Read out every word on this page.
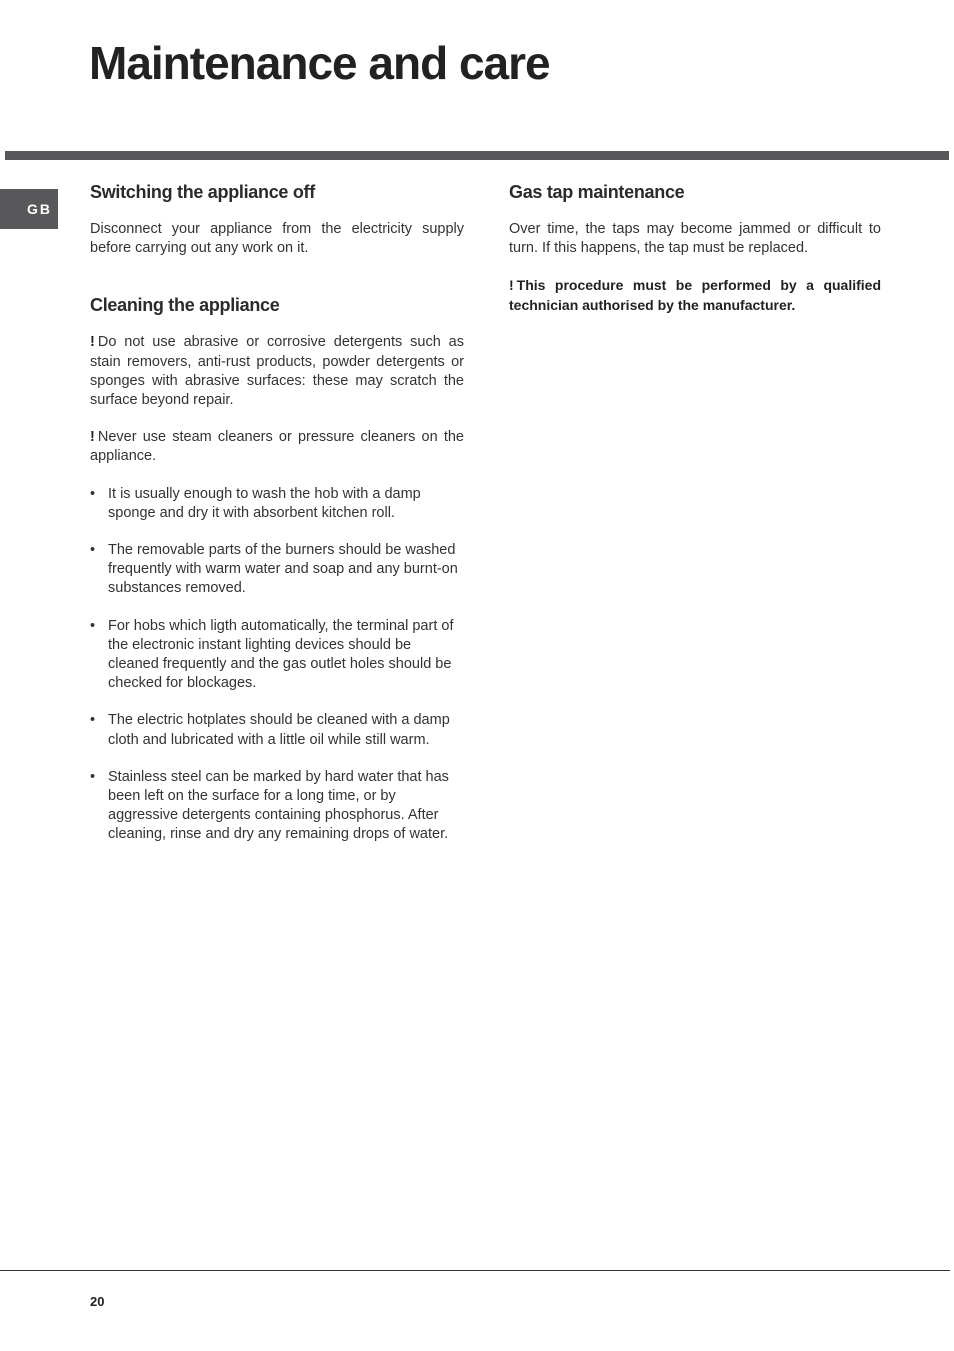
Maintenance and care
GB
Switching the appliance off

Disconnect your appliance from the electricity supply before carrying out any work on it.

Cleaning the appliance

! Do not use abrasive or corrosive detergents such as stain removers, anti-rust products, powder detergents or sponges with abrasive surfaces: these may scratch the surface beyond repair.

! Never use steam cleaners or pressure cleaners on the appliance.

• It is usually enough to wash the hob with a damp sponge and dry it with absorbent kitchen roll.
• The removable parts of the burners should be washed frequently with warm water and soap and any burnt-on substances removed.
• For hobs which ligth automatically, the terminal part of the electronic instant lighting devices should be cleaned frequently and the gas outlet holes should be checked for blockages.
• The electric hotplates should be cleaned with a damp cloth and lubricated with a little oil while still warm.
• Stainless steel can be marked by hard water that has been left on the surface for a long time, or by aggressive detergents containing phosphorus. After cleaning, rinse and dry any remaining drops of water.
Gas tap maintenance

Over time, the taps may become jammed or difficult to turn. If this happens, the tap must be replaced.

! This procedure must be performed by a qualified technician authorised by the manufacturer.

20
